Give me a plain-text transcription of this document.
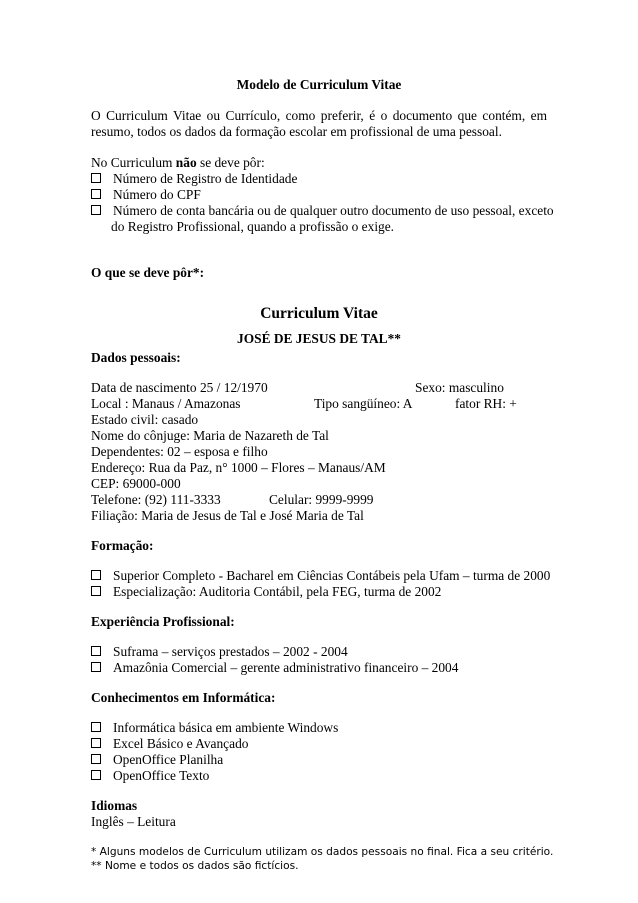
Modelo de Curriculum Vitae
O Curriculum Vitae ou Currículo, como preferir, é o documento que contém, em
resumo, todos os dados da formação escolar em profissional de uma pessoal.
No Curriculum não se deve pôr:
Número de Registro de Identidade
Número do CPF
Número de conta bancária ou de qualquer outro documento de uso pessoal, exceto
do Registro Profissional, quando a profissão o exige.
O que se deve pôr*:
Curriculum Vitae
JOSÉ DE JESUS DE TAL**
Dados pessoais:
Data de nascimento 25 / 12/1970	Sexo: masculino
Local : Manaus / Amazonas	Tipo sangüíneo: A	fator RH: +
Estado civil: casado
Nome do cônjuge: Maria de Nazareth de Tal
Dependentes: 02 – esposa e filho
Endereço: Rua da Paz, n° 1000 – Flores – Manaus/AM
CEP: 69000-000
Telefone: (92) 111-3333	Celular: 9999-9999
Filiação: Maria de Jesus de Tal e José Maria de Tal
Formação:
Superior Completo - Bacharel em Ciências Contábeis pela Ufam – turma de 2000
Especialização: Auditoria Contábil, pela FEG, turma de 2002
Experiência Profissional:
Suframa – serviços prestados – 2002 - 2004
Amazônia Comercial – gerente administrativo financeiro – 2004
Conhecimentos em Informática:
Informática básica em ambiente Windows
Excel Básico e Avançado
OpenOffice Planilha
OpenOffice Texto
Idiomas
Inglês – Leitura
* Alguns modelos de Curriculum utilizam os dados pessoais no final. Fica a seu critério.
** Nome e todos os dados são fictícios.
